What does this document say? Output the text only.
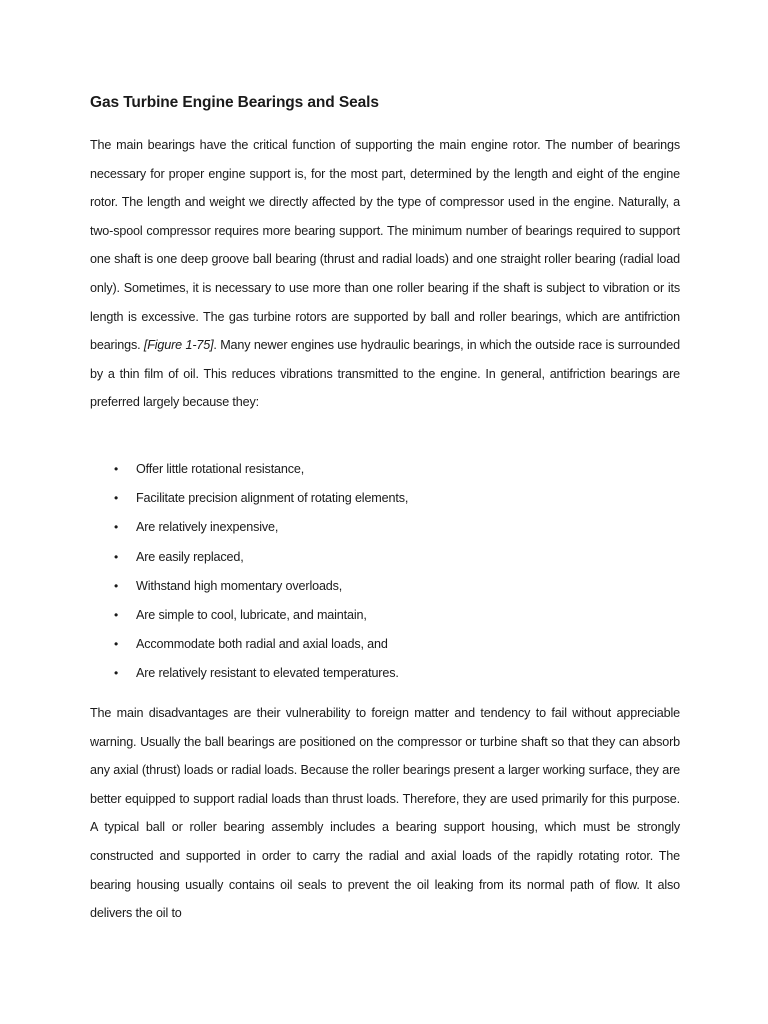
Gas Turbine Engine Bearings and Seals

The main bearings have the critical function of supporting the main engine rotor. The number of bearings necessary for proper engine support is, for the most part, determined by the length and eight of the engine rotor. The length and weight we directly affected by the type of compressor used in the engine. Naturally, a two-spool compressor requires more bearing support. The minimum number of bearings required to support one shaft is one deep groove ball bearing (thrust and radial loads) and one straight roller bearing (radial load only). Sometimes, it is necessary to use more than one roller bearing if the shaft is subject to vibration or its length is excessive. The gas turbine rotors are supported by ball and roller bearings, which are antifriction bearings. [Figure 1-75]. Many newer engines use hydraulic bearings, in which the outside race is surrounded by a thin film of oil. This reduces vibrations transmitted to the engine. In general, antifriction bearings are preferred largely because they:

• Offer little rotational resistance,
• Facilitate precision alignment of rotating elements,
• Are relatively inexpensive,
• Are easily replaced,
• Withstand high momentary overloads,
• Are simple to cool, lubricate, and maintain,
• Accommodate both radial and axial loads, and
• Are relatively resistant to elevated temperatures.

The main disadvantages are their vulnerability to foreign matter and tendency to fail without appreciable warning. Usually the ball bearings are positioned on the compressor or turbine shaft so that they can absorb any axial (thrust) loads or radial loads. Because the roller bearings present a larger working surface, they are better equipped to support radial loads than thrust loads. Therefore, they are used primarily for this purpose. A typical ball or roller bearing assembly includes a bearing support housing, which must be strongly constructed and supported in order to carry the radial and axial loads of the rapidly rotating rotor. The bearing housing usually contains oil seals to prevent the oil leaking from its normal path of flow. It also delivers the oil to
